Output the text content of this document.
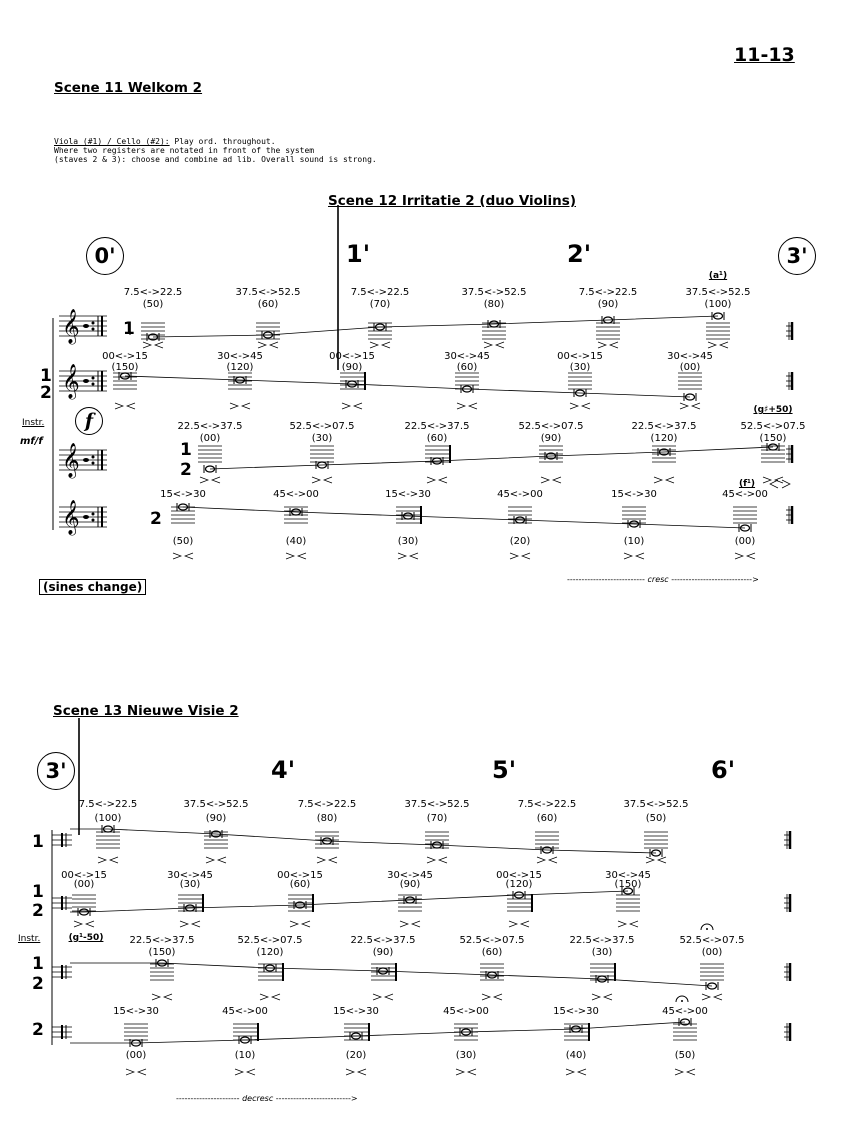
11-13
Scene 11 Welkom 2
Viola (#1) / Cello (#2): Play ord. throughout.
Where two registers are notated in front of the system
(staves 2 & 3): choose and combine ad lib. Overall sound is strong.
Scene 12 Irritatie 2 (duo Violins)
Scene 13 Nieuwe Visie 2
0'	1'	2'	3'
1
1
2
1
2
2
Instr.
mf/f
f
(sines change)
--------------------------- cresc ---------------------------->
(a¹)
(g♯+50)
(f¹)
3'	4'	5'	6'
1
1
2
1
2
2
Instr.	(g¹-50)
---------------------- decresc -------------------------->
𝄞
𝄞
𝄞
𝄞
7.5<->22.5
(50)
37.5<->52.5
(60)
7.5<->22.5
(70)
37.5<->52.5
(80)
7.5<->22.5
(90)
37.5<->52.5
(100)
00<->15
(150)
30<->45
(120)
00<->15
(90)
30<->45
(60)
00<->15
(30)
30<->45
(00)
22.5<->37.5
(00)
52.5<->07.5
(30)
22.5<->37.5
(60)
52.5<->07.5
(90)
22.5<->37.5
(120)
52.5<->07.5
(150)
15<->30
(50)
45<->00
(40)
15<->30
(30)
45<->00
(20)
15<->30
(10)
45<->00
(00)
7.5<->22.5
(100)
37.5<->52.5
(90)
7.5<->22.5
(80)
37.5<->52.5
(70)
7.5<->22.5
(60)
37.5<->52.5
(50)
00<->15
(00)
30<->45
(30)
00<->15
(60)
30<->45
(90)
00<->15
(120)
30<->45
(150)
22.5<->37.5
(150)
52.5<->07.5
(120)
22.5<->37.5
(90)
52.5<->07.5
(60)
22.5<->37.5
(30)
52.5<->07.5
(00)
15<->30
(00)
45<->00
(10)
15<->30
(20)
45<->00
(30)
15<->30
(40)
45<->00
(50)
